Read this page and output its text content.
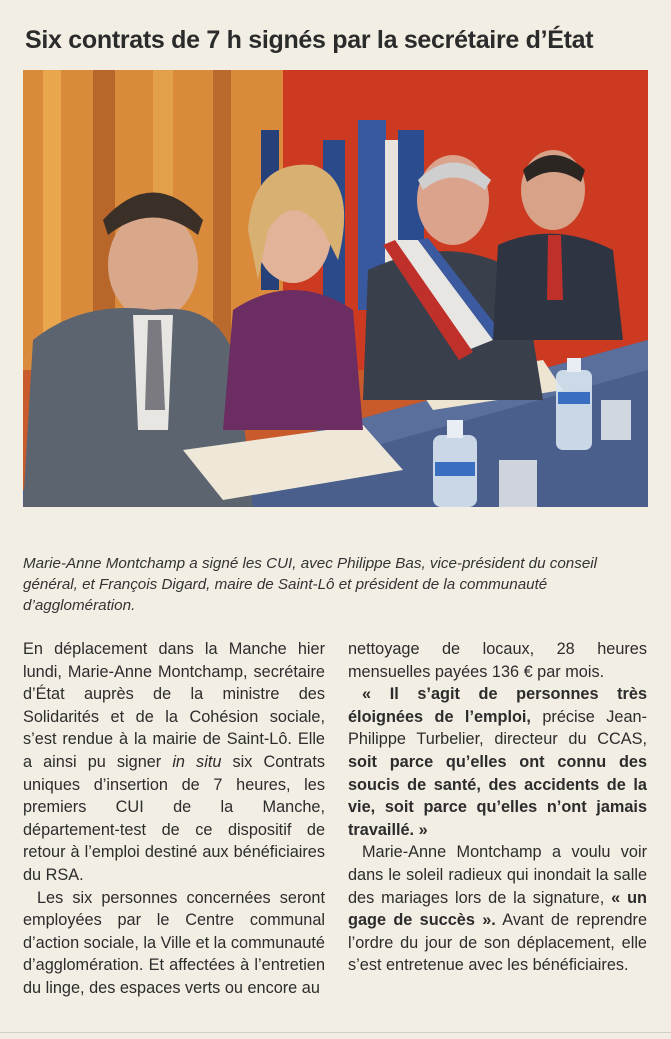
Six contrats de 7 h signés par la secrétaire d’État
Marie-Anne Montchamp a signé les CUI, avec Philippe Bas, vice-président du conseil général, et François Digard, maire de Saint-Lô et président de la communauté d’agglomération.

En déplacement dans la Manche hier lundi, Marie-Anne Montchamp, secrétaire d’État auprès de la ministre des Solidarités et de la Cohésion sociale, s’est rendue à la mairie de Saint-Lô. Elle a ainsi pu signer in situ six Contrats uniques d’insertion de 7 heures, les premiers CUI de la Manche, département-test de ce dispositif de retour à l’emploi destiné aux bénéficiaires du RSA.

Les six personnes concernées seront employées par le Centre communal d’action sociale, la Ville et la communauté d’agglomération. Et affectées à l’entretien du linge, des espaces verts ou encore au

nettoyage de locaux, 28 heures mensuelles payées 136 € par mois.

« Il s’agit de personnes très éloignées de l’emploi, précise Jean-Philippe Turbelier, directeur du CCAS, soit parce qu’elles ont connu des soucis de santé, des accidents de la vie, soit parce qu’elles n’ont jamais travaillé. »

Marie-Anne Montchamp a voulu voir dans le soleil radieux qui inondait la salle des mariages lors de la signature, « un gage de succès ». Avant de reprendre l’ordre du jour de son déplacement, elle s’est entretenue avec les bénéficiaires.
